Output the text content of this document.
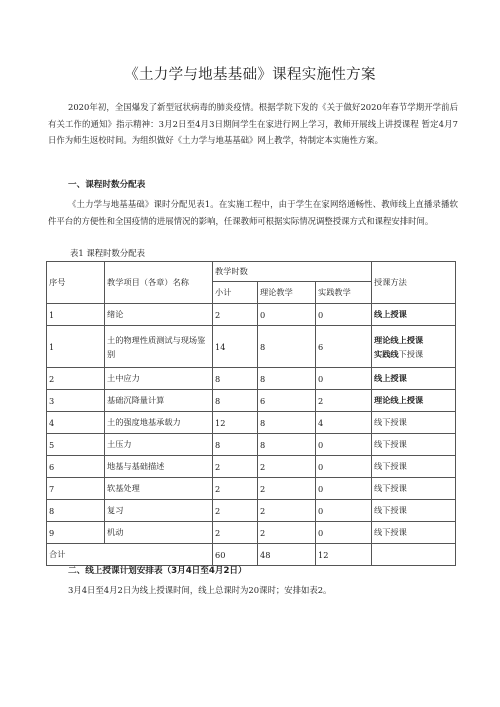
《土力学与地基基础》课程实施性方案
2020年初，全国爆发了新型冠状病毒的肺炎疫情。根据学院下发的《关于做好2020年春节学期开学前后有关工作的通知》指示精神：3月2日至4月3日期间学生在家进行网上学习，教师开展线上讲授课程 暂定4月7日作为师生返校时间。为组织做好《土力学与地基基础》网上教学，特制定本实施性方案。
一、课程时数分配表
《土力学与地基基础》课时分配见表1。在实施工程中，由于学生在家网络通畅性、教师线上直播录播软件平台的方便性和全国疫情的进展情况的影响，任课教师可根据实际情况调整授课方式和课程安排时间。
表1 课程时数分配表
序号	教学项目（各章）名称	教学时数			授课方法
		小计	理论教学	实践教学	
1	绪论	2	0	0	线上授课
1	土的物理性质测试与现场鉴别	14	8	6	理论线上授课
实践线下授课

2	土中应力	8	8	0	线上授课
3	基础沉降量计算	8	6	2	理论线上授课
4	土的强度地基承载力	12	8	4	线下授课
5	土压力	8	8	0	线下授课
6	地基与基础描述	2	2	0	线下授课
7	软基处理	2	2	0	线下授课
8	复习	2	2	0	线下授课
9	机动	2	2	0	线下授课
合计		60	48	12	
二、线上授课计划安排表（3月4日至4月2日）
3月4日至4月2日为线上授课时间，线上总课时为20课时；安排如表2。
